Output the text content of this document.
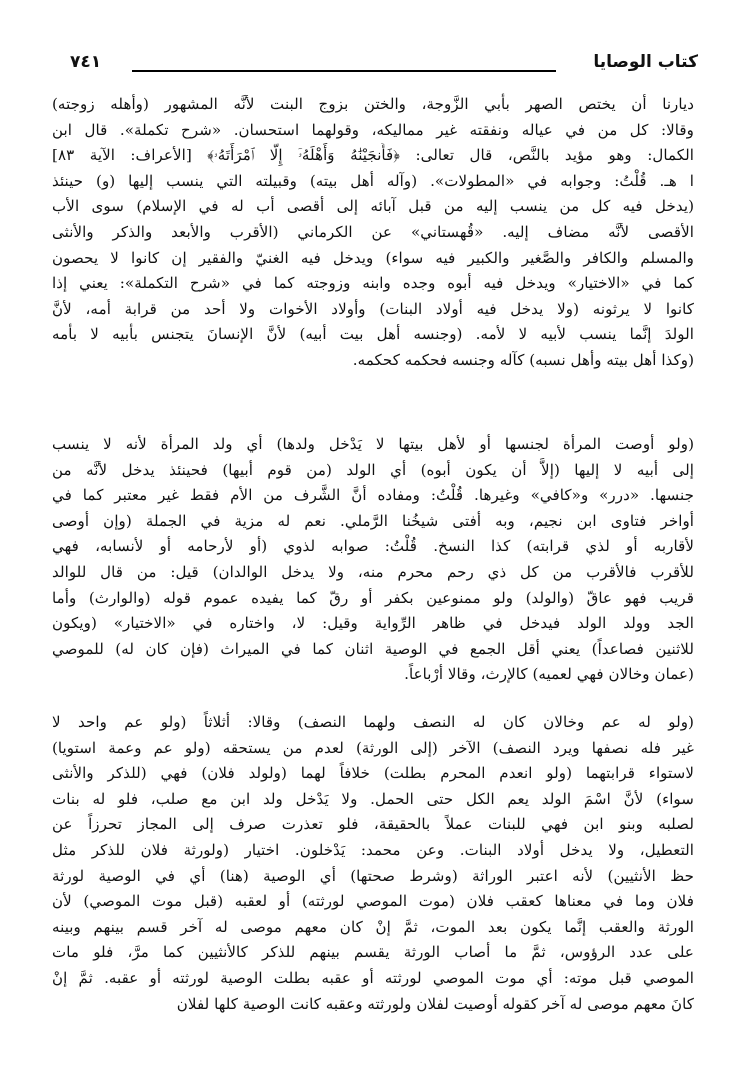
كتاب الوصايا
٧٤١
ديارنا أن يختص الصهر بأبي الزَّوجة، والختن بزوج البنت لأنَّه المشهور (وأهله زوجته)
وقالا: كل من في عياله ونفقته غير مماليكه، وقولهما استحسان. «شرح تكملة». قال ابن
الكمال: وهو مؤيد بالنَّص، قال تعالى: ﴿فَأَنجَيْنَٰهُ وَأَهْلَهُۥٓ إِلَّا ٱمْرَأَتَهُۥ﴾ [الأعراف: الآية ٨٣]
ا هـ. قُلْتُ: وجوابه في «المطولات». (وآله أهل بيته) وقبيلته التي ينسب إليها (و) حينئذ
(يدخل فيه كل من ينسب إليه من قبل آبائه إلى أقصى أب له في الإسلام) سوى الأب
الأقصى لأنَّه مضاف إليه. «قُهستاني» عن الكرماني (الأقرب والأبعد والذكر والأنثى
والمسلم والكافر والصَّغير والكبير فيه سواء) ويدخل فيه الغنيّ والفقير إن كانوا لا يحصون
كما في «الاختيار» ويدخل فيه أبوه وجده وابنه وزوجته كما في «شرح التكملة»: يعني إذا
كانوا لا يرثونه (ولا يدخل فيه أولاد البنات) وأولاد الأخوات ولا أحد من قرابة أمه، لأنَّ
الولدَ إنَّما ينسب لأبيه لا لأمه. (وجنسه أهل بيت أبيه) لأنَّ الإنسانَ يتجنس بأبيه لا بأمه
(وكذا أهل بيته وأهل نسبه) كآله وجنسه فحكمه كحكمه.
(ولو أوصت المرأة لجنسها أو لأهل بيتها لا يَدْخل ولدها) أي ولد المرأة لأنه لا ينسب
إلى أبيه لا إليها (إلاَّ أن يكون أبوه) أي الولد (من قوم أبيها) فحينئذ يدخل لأنَّه من
جنسها. «درر» و«كافي» وغيرها. قُلْتُ: ومفاده أنَّ الشَّرف من الأم فقط غير معتبر كما في
أواخر فتاوى ابن نجيم، وبه أفتى شيخُنا الرَّملي. نعم له مزية في الجملة (وإن أوصى
لأقاربه أو لذي قرابته) كذا النسخ. قُلْتُ: صوابه لذوي (أو لأرحامه أو لأنسابه، فهي
للأقرب فالأقرب من كل ذي رحم محرم منه، ولا يدخل الوالدان) قيل: من قال للوالد
قريب فهو عاقّ (والولد) ولو ممنوعين بكفر أو رقّ كما يفيده عموم قوله (والوارث) وأما
الجد وولد الولد فيدخل في ظاهر الرِّواية وقيل: لا، واختاره في «الاختيار» (ويكون
للاثنين فصاعداً) يعني أقل الجمع في الوصية اثنان كما في الميراث (فإن كان له) للموصي
(عمان وخالان فهي لعميه) كالإرث، وقالا أرْباعاً.
(ولو له عم وخالان كان له النصف ولهما النصف) وقالا: أثلاثاً (ولو عم واحد لا
غير فله نصفها ويرد النصف) الآخر (إلى الورثة) لعدم من يستحقه (ولو عم وعمة استويا)
لاستواء قرابتهما (ولو انعدم المحرم بطلت) خلافاً لهما (ولولد فلان) فهي (للذكر والأنثى
سواء) لأنَّ اسْمَ الولد يعم الكل حتى الحمل. ولا يَدْخل ولد ابن مع صلب، فلو له بنات
لصلبه وبنو ابن فهي للبنات عملاً بالحقيقة، فلو تعذرت صرف إلى المجاز تحرزاً عن
التعطيل، ولا يدخل أولاد البنات. وعن محمد: يَدْخلون. اختيار (ولورثة فلان للذكر مثل
حظ الأنثيين) لأنه اعتبر الوراثة (وشرط صحتها) أي الوصية (هنا) أي في الوصية لورثة
فلان وما في معناها كعقب فلان (موت الموصي لورثته) أو لعقبه (قبل موت الموصي) لأن
الورثة والعقب إنَّما يكون بعد الموت، ثمَّ إنْ كان معهم موصى له آخر قسم بينهم وبينه
على عدد الرؤوس، ثمَّ ما أصاب الورثة يقسم بينهم للذكر كالأنثيين كما مرَّ، فلو مات
الموصي قبل موته: أي موت الموصي لورثته أو عقبه بطلت الوصية لورثته أو عقبه. ثمَّ إنْ
كانَ معهم موصى له آخر كقوله أوصيت لفلان ولورثته وعقبه كانت الوصية كلها لفلان
